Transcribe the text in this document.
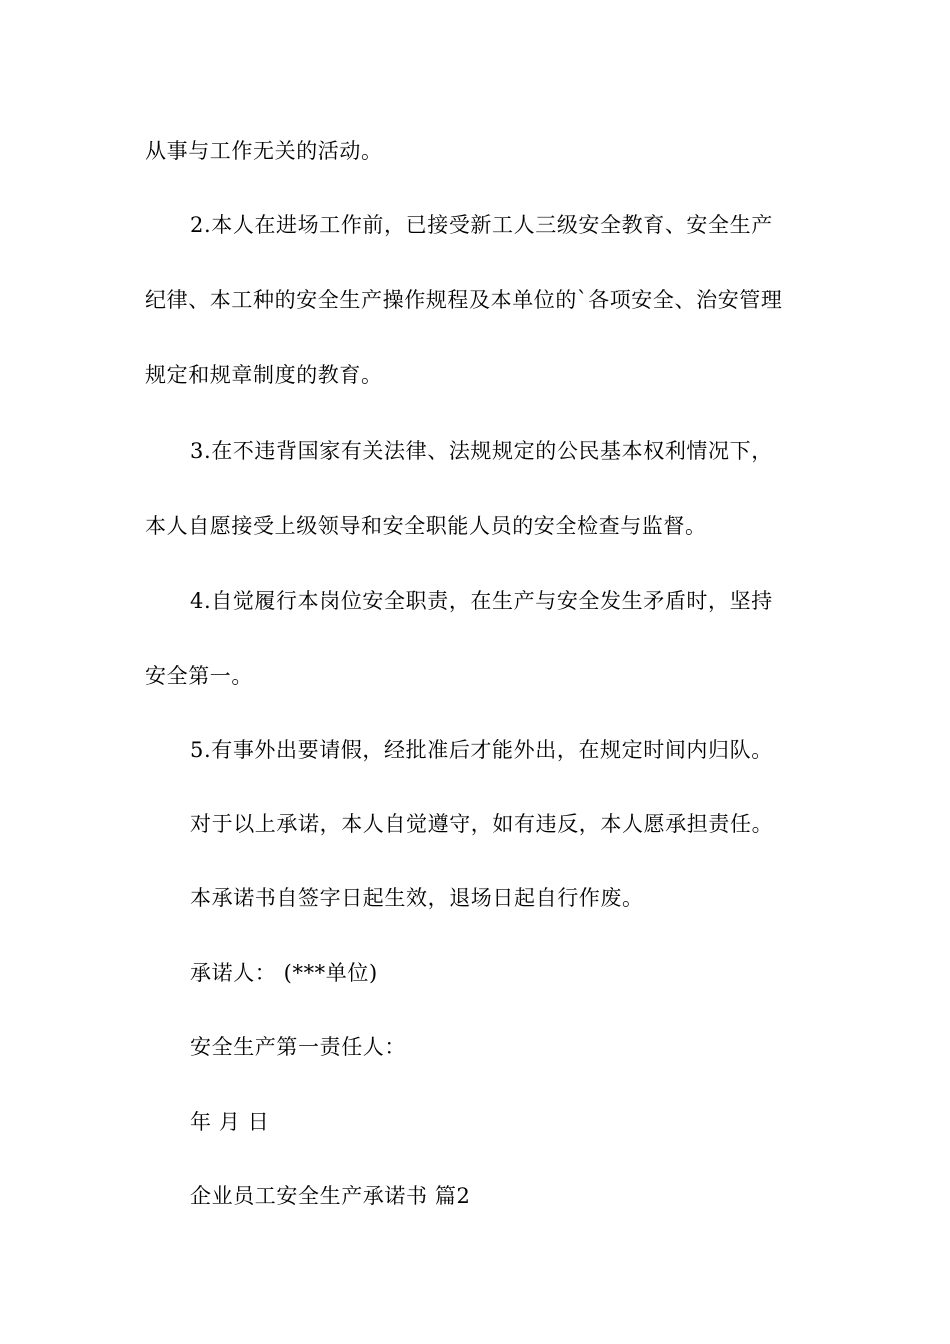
从事与工作无关的活动。
2.本人在进场工作前，已接受新工人三级安全教育、安全生产
纪律、本工种的安全生产操作规程及本单位的`各项安全、治安管理
规定和规章制度的教育。
3.在不违背国家有关法律、法规规定的公民基本权利情况下，
本人自愿接受上级领导和安全职能人员的安全检查与监督。
4.自觉履行本岗位安全职责，在生产与安全发生矛盾时，坚持
安全第一。
5.有事外出要请假，经批准后才能外出，在规定时间内归队。
对于以上承诺，本人自觉遵守，如有违反，本人愿承担责任。
本承诺书自签字日起生效，退场日起自行作废。
承诺人： (***单位)
安全生产第一责任人：
年 月 日
企业员工安全生产承诺书 篇2
